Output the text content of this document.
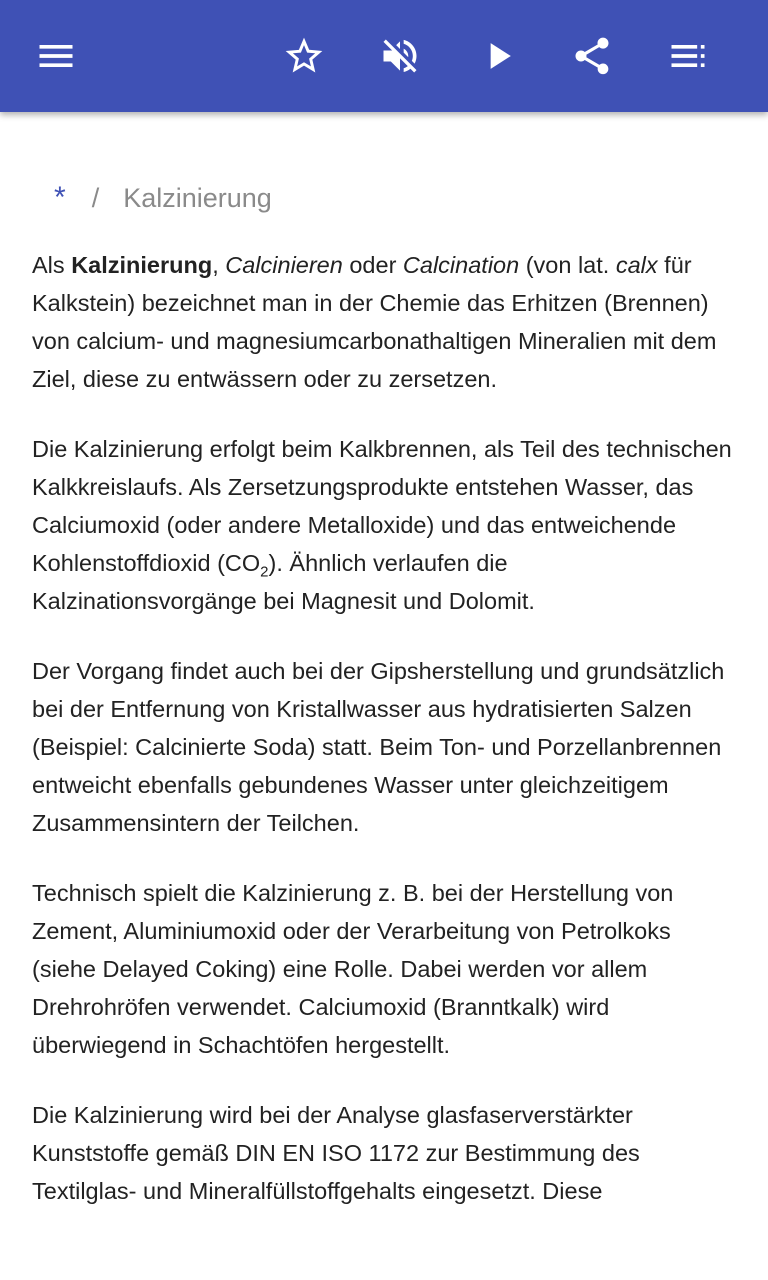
* / Kalzinierung

Als Kalzinierung, Calcinieren oder Calcination (von lat. calx für Kalkstein) bezeichnet man in der Chemie das Erhitzen (Brennen) von calcium- und magnesiumcarbonathaltigen Mineralien mit dem Ziel, diese zu entwässern oder zu zersetzen.

Die Kalzinierung erfolgt beim Kalkbrennen, als Teil des technischen Kalkkreislaufs. Als Zersetzungsprodukte entstehen Wasser, das Calciumoxid (oder andere Metalloxide) und das entweichende Kohlenstoffdioxid $(CO_2)$. Ähnlich verlaufen die Kalzinationsvorgänge bei Magnesit und Dolomit.

Der Vorgang findet auch bei der Gipsherstellung und grundsätzlich bei der Entfernung von Kristallwasser aus hydratisierten Salzen (Beispiel: Calcinierte Soda) statt. Beim Ton- und Porzellanbrennen entweicht ebenfalls gebundenes Wasser unter gleichzeitigem Zusammensintern der Teilchen.

Technisch spielt die Kalzinierung z. B. bei der Herstellung von Zement, Aluminiumoxid oder der Verarbeitung von Petrolkoks (siehe Delayed Coking) eine Rolle. Dabei werden vor allem Drehrohröfen verwendet. Calciumoxid (Branntkalk) wird überwiegend in Schachtöfen hergestellt.

Die Kalzinierung wird bei der Analyse glasfaserverstärkter Kunststoffe gemäß DIN EN ISO 1172 zur Bestimmung des Textilglas- und Mineralfüllstoffgehalts eingesetzt. Diese
